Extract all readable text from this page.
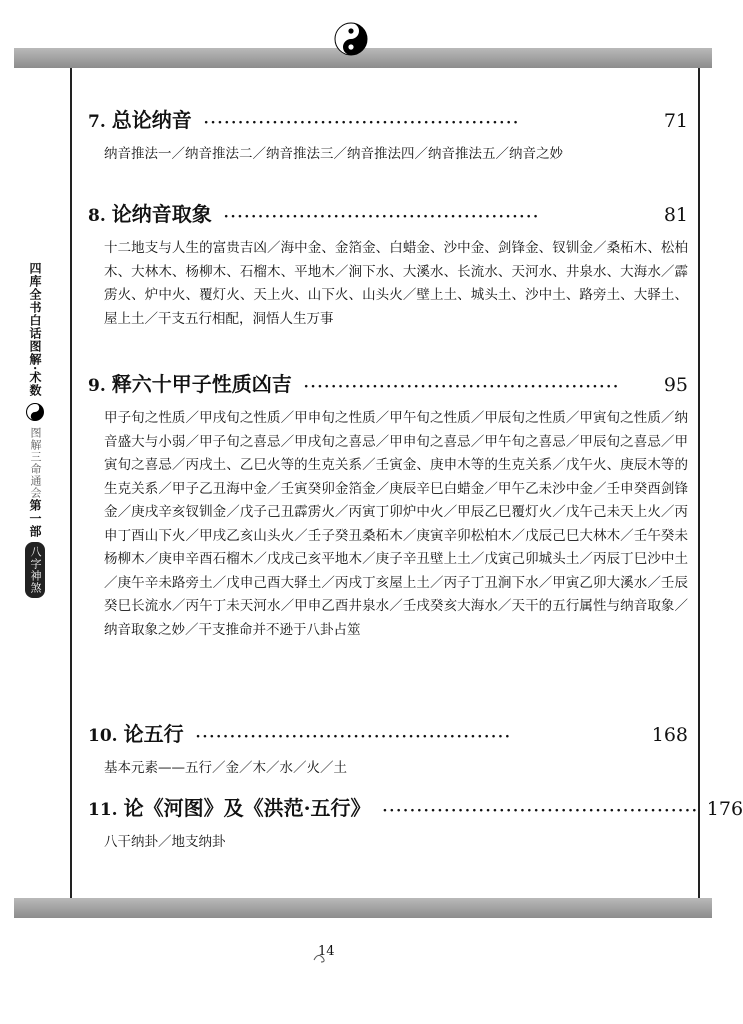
四库全书白话图解·术数
图解三命通会
第一部
八字神煞
7. 总论纳音 ··············································	71
纳音推法一／纳音推法二／纳音推法三／纳音推法四／纳音推法五／纳音之妙
8. 论纳音取象 ··············································	81
十二地支与人生的富贵吉凶／海中金、金箔金、白蜡金、沙中金、剑锋金、钗钏金／桑柘木、松柏木、大林木、杨柳木、石榴木、平地木／涧下水、大溪水、长流水、天河水、井泉水、大海水／霹雳火、炉中火、覆灯火、天上火、山下火、山头火／壁上土、城头土、沙中土、路旁土、大驿土、屋上土／干支五行相配，洞悟人生万事
9. 释六十甲子性质凶吉 ··············································	95
甲子旬之性质／甲戌旬之性质／甲申旬之性质／甲午旬之性质／甲辰旬之性质／甲寅旬之性质／纳音盛大与小弱／甲子旬之喜忌／甲戌旬之喜忌／甲申旬之喜忌／甲午旬之喜忌／甲辰旬之喜忌／甲寅旬之喜忌／丙戌土、乙巳火等的生克关系／壬寅金、庚申木等的生克关系／戊午火、庚辰木等的生克关系／甲子乙丑海中金／壬寅癸卯金箔金／庚辰辛巳白蜡金／甲午乙未沙中金／壬申癸酉剑锋金／庚戌辛亥钗钏金／戊子己丑霹雳火／丙寅丁卯炉中火／甲辰乙巳覆灯火／戊午己未天上火／丙申丁酉山下火／甲戌乙亥山头火／壬子癸丑桑柘木／庚寅辛卯松柏木／戊辰己巳大林木／壬午癸未杨柳木／庚申辛酉石榴木／戊戌己亥平地木／庚子辛丑壁上土／戊寅己卯城头土／丙辰丁巳沙中土／庚午辛未路旁土／戊申己酉大驿土／丙戌丁亥屋上土／丙子丁丑涧下水／甲寅乙卯大溪水／壬辰癸巳长流水／丙午丁未天河水／甲申乙酉井泉水／壬戌癸亥大海水／天干的五行属性与纳音取象／纳音取象之妙／干支推命并不逊于八卦占筮
10. 论五行 ··············································	168
基本元素——五行／金／木／水／火／土
11. 论《河图》及《洪范·五行》 ·············································· 176
八干纳卦／地支纳卦
14
